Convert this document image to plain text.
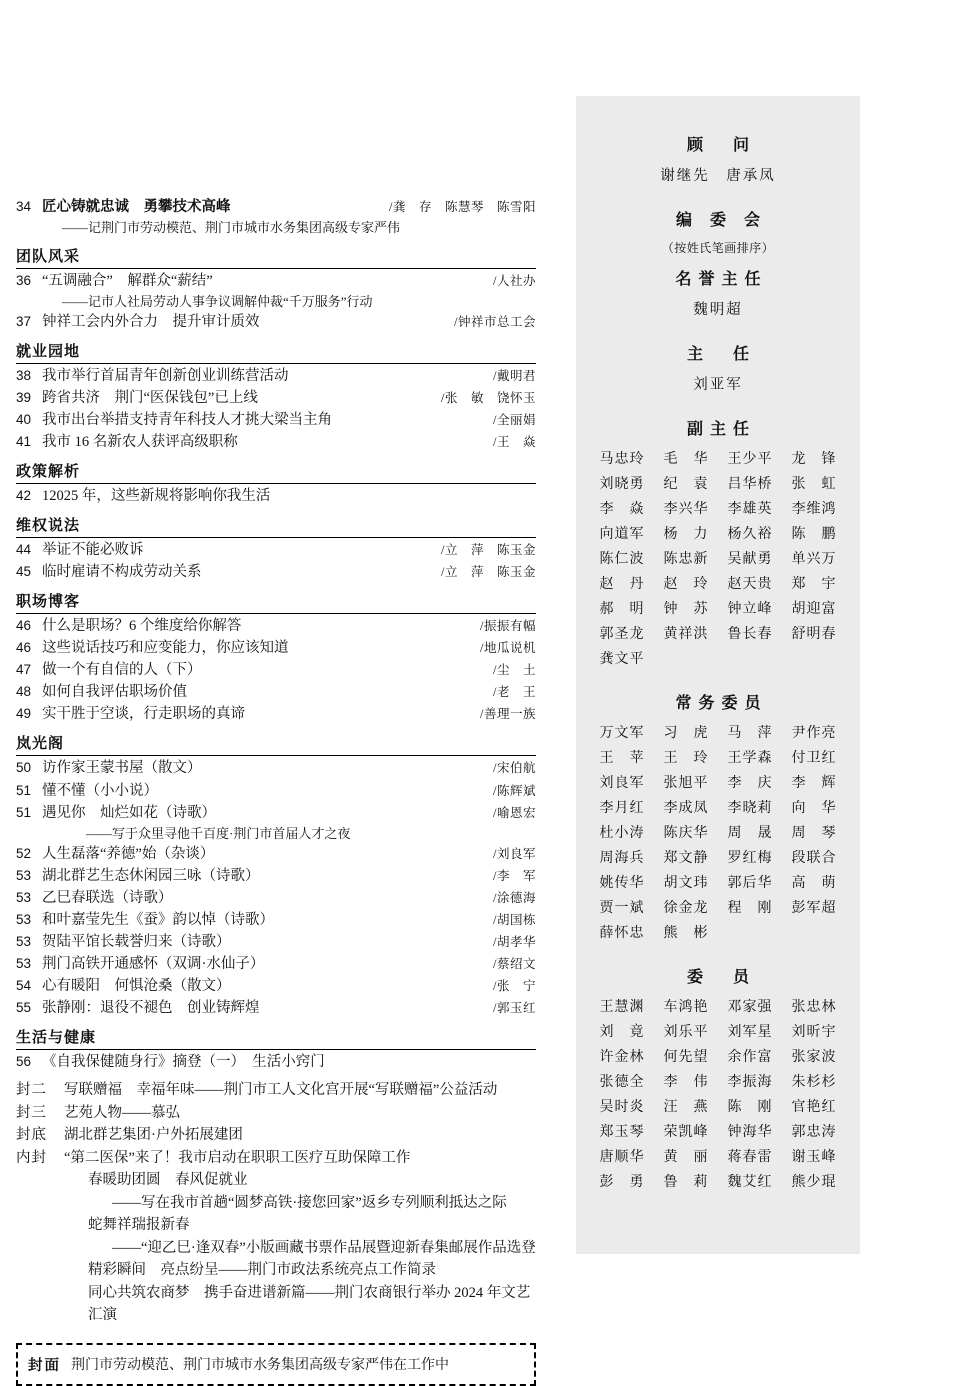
34 匠心铸就忠诚　勇攀技术高峰	/龚　存　陈慧琴　陈雪阳
——记荆门市劳动模范、荆门市城市水务集团高级专家严伟
团队风采
36 “五调融合”　解群众“薪结”	/人社办
——记市人社局劳动人事争议调解仲裁“千万服务”行动
37 钟祥工会内外合力　提升审计质效	/钟祥市总工会
就业园地
38 我市举行首届青年创新创业训练营活动	/戴明君
39 跨省共济　荆门“医保钱包”已上线	/张　敏　饶怀玉
40 我市出台举措支持青年科技人才挑大梁当主角	/全丽娟
41 我市 16 名新农人获评高级职称	/王　焱
政策解析
42 12025 年，这些新规将影响你我生活
维权说法
44 举证不能必败诉	/立　萍　陈玉金
45 临时雇请不构成劳动关系	/立　萍　陈玉金
职场博客
46 什么是职场？6 个维度给你解答	/振振有幅
46 这些说话技巧和应变能力，你应该知道	/地瓜说机
47 做一个有自信的人（下）	/尘　土
48 如何自我评估职场价值	/老　王
49 实干胜于空谈，行走职场的真谛	/善理一族
岚光阁
50 访作家王蒙书屋（散文）	/宋伯航
51 懂不懂（小小说）	/陈辉斌
51 遇见你　灿烂如花（诗歌）	/喻恩宏
——写于众里寻他千百度·荆门市首届人才之夜
52 人生磊落“养德”始（杂谈）	/刘良军
53 湖北群艺生态休闲园三咏（诗歌）	/李　军
53 乙巳春联选（诗歌）	/涂德海
53 和叶嘉莹先生《蚕》韵以悼（诗歌）	/胡国栋
53 贺陆平馆长载誉归来（诗歌）	/胡孝华
53 荆门高铁开通感怀（双调·水仙子）	/蔡绍文
54 心有暖阳　何惧沧桑（散文）	/张　宁
55 张静刚：退役不褪色　创业铸辉煌	/郭玉红
生活与健康
56 《自我保健随身行》摘登（一）　生活小窍门
封二	写联赠福　幸福年味——荆门市工人文化宫开展“写联赠福”公益活动
封三	艺苑人物——慕弘
封底	湖北群艺集团·户外拓展建团
内封	“第二医保”来了！我市启动在职职工医疗互助保障工作
春暖助团圆　春风促就业
——写在我市首趟“圆梦高铁·接您回家”返乡专列顺利抵达之际
蛇舞祥瑞报新春
——“迎乙巳·逢双春”小版画藏书票作品展暨迎新春集邮展作品选登
精彩瞬间　亮点纷呈——荆门市政法系统亮点工作简录
同心共筑农商梦　携手奋进谱新篇——荆门农商银行举办 2024 年文艺汇演
封面 荆门市劳动模范、荆门市城市水务集团高级专家严伟在工作中
顾　问
谢继先　唐承凤
编 委 会
（按姓氏笔画排序）
名誉主任
魏明超
主　任
刘亚军
副主任
马忠玲	毛　华	王少平	龙　锋
刘晓勇	纪　袁	吕华桥	张　虹
李　焱	李兴华	李雄英	李维鸿
向道军	杨　力	杨久裕	陈　鹏
陈仁波	陈忠新	吴献勇	单兴万
赵　丹	赵　玲	赵天贵	郑　宇
郝　明	钟　苏	钟立峰	胡迎富
郭圣龙	黄祥洪	鲁长春	舒明春
龚文平
常务委员
万文军	习　虎	马　萍	尹作亮
王　苹	王　玲	王学森	付卫红
刘良军	张旭平	李　庆	李　辉
李月红	李成凤	李晓莉	向　华
杜小涛	陈庆华	周　晟	周　琴
周海兵	郑文静	罗红梅	段联合
姚传华	胡文玮	郭后华	高　萌
贾一斌	徐金龙	程　刚	彭军超
薛怀忠	熊　彬
委　员
王慧渊	车鸿艳	邓家强	张忠林
刘　竟	刘乐平	刘军星	刘昕宇
许金林	何先望	余作富	张家波
张德全	李　伟	李振海	朱杉杉
吴时炎	汪　燕	陈　刚	官艳红
郑玉琴	荣凯峰	钟海华	郭忠涛
唐顺华	黄　丽	蒋春雷	谢玉峰
彭　勇	鲁　莉	魏艾红	熊少琨
